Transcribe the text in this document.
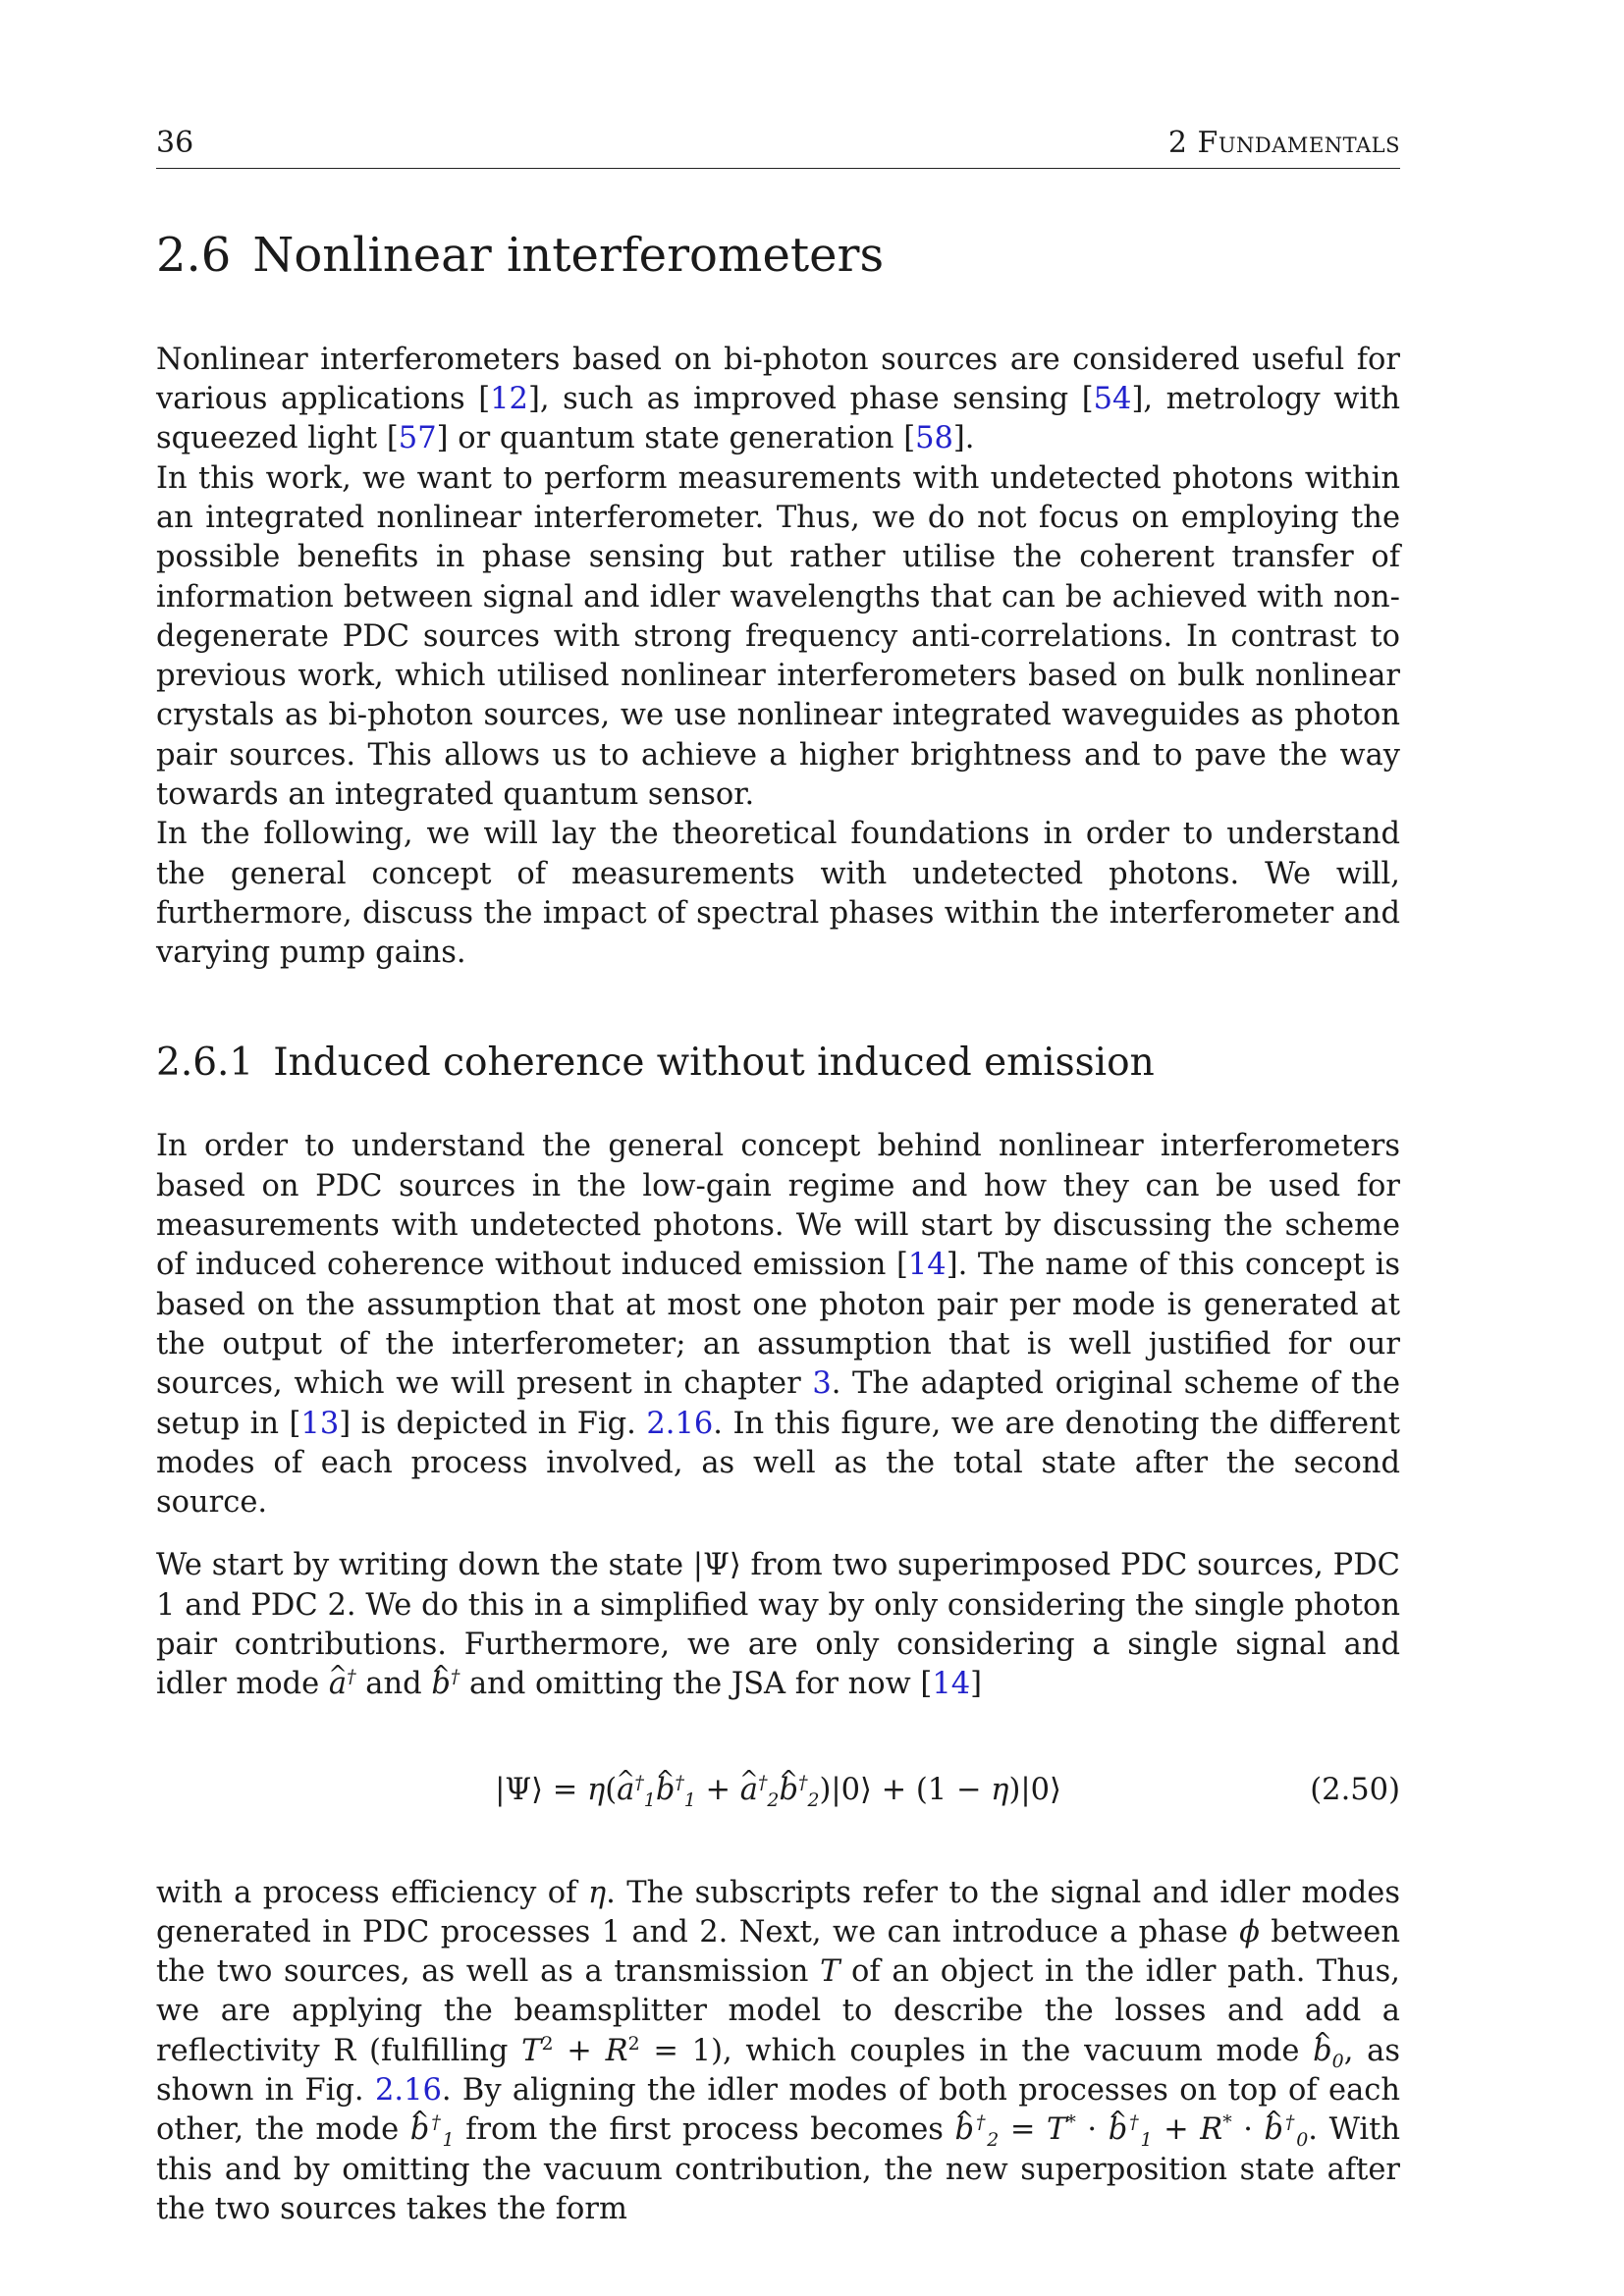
36	2 Fundamentals
2.6 Nonlinear interferometers

Nonlinear interferometers based on bi-photon sources are considered useful for various applications [12], such as improved phase sensing [54], metrology with squeezed light [57] or quantum state generation [58].

In this work, we want to perform measurements with undetected photons within an integrated nonlinear interferometer. Thus, we do not focus on employing the possible benefits in phase sensing but rather utilise the coherent transfer of information between signal and idler wavelengths that can be achieved with non-degenerate PDC sources with strong frequency anti-correlations. In contrast to previous work, which utilised nonlinear interferometers based on bulk nonlinear crystals as bi-photon sources, we use nonlinear integrated waveguides as photon pair sources. This allows us to achieve a higher brightness and to pave the way towards an integrated quantum sensor.

In the following, we will lay the theoretical foundations in order to understand the general concept of measurements with undetected photons. We will, furthermore, discuss the impact of spectral phases within the interferometer and varying pump gains.

2.6.1 Induced coherence without induced emission

In order to understand the general concept behind nonlinear interferometers based on PDC sources in the low-gain regime and how they can be used for measurements with undetected photons. We will start by discussing the scheme of induced coherence without induced emission [14]. The name of this concept is based on the assumption that at most one photon pair per mode is generated at the output of the interferometer; an assumption that is well justified for our sources, which we will present in chapter 3. The adapted original scheme of the setup in [13] is depicted in Fig. 2.16. In this figure, we are denoting the different modes of each process involved, as well as the total state after the second source.

We start by writing down the state |Ψ⟩ from two superimposed PDC sources, PDC 1 and PDC 2. We do this in a simplified way by only considering the single photon pair contributions. Furthermore, we are only considering a single signal and idler mode ^ a† and ^ b† and omitting the JSA for now [14]

|Ψ⟩ = η(^ $a^\dagger_1\^{}$ $b^\dagger_1$ + ^ $a^\dagger_2\^{}$ $b^\dagger_2)|0⟩ + (1$ − η)|0⟩	(2.50)

with a process efficiency of η. The subscripts refer to the signal and idler modes generated in PDC processes 1 and 2. Next, we can introduce a phase ϕ between the two sources, as well as a transmission T of an object in the idler path. Thus, we are applying the beamsplitter model to describe the losses and add a reflectivity R (fulfilling $T^2 + R^2 = 1$), which couples in the vacuum mode ^ $b_0$, as shown in Fig. 2.16. By aligning the idler modes of both processes on top of each other, the mode ^ $b^\dagger_1$ from the first process becomes ^ $b^\dagger_2 = T^*$ · ^ $b^\dagger_1 + R^*$ · ^ $b^\dagger_0$. With this and by omitting the vacuum contribution, the new superposition state after the two sources takes the form
